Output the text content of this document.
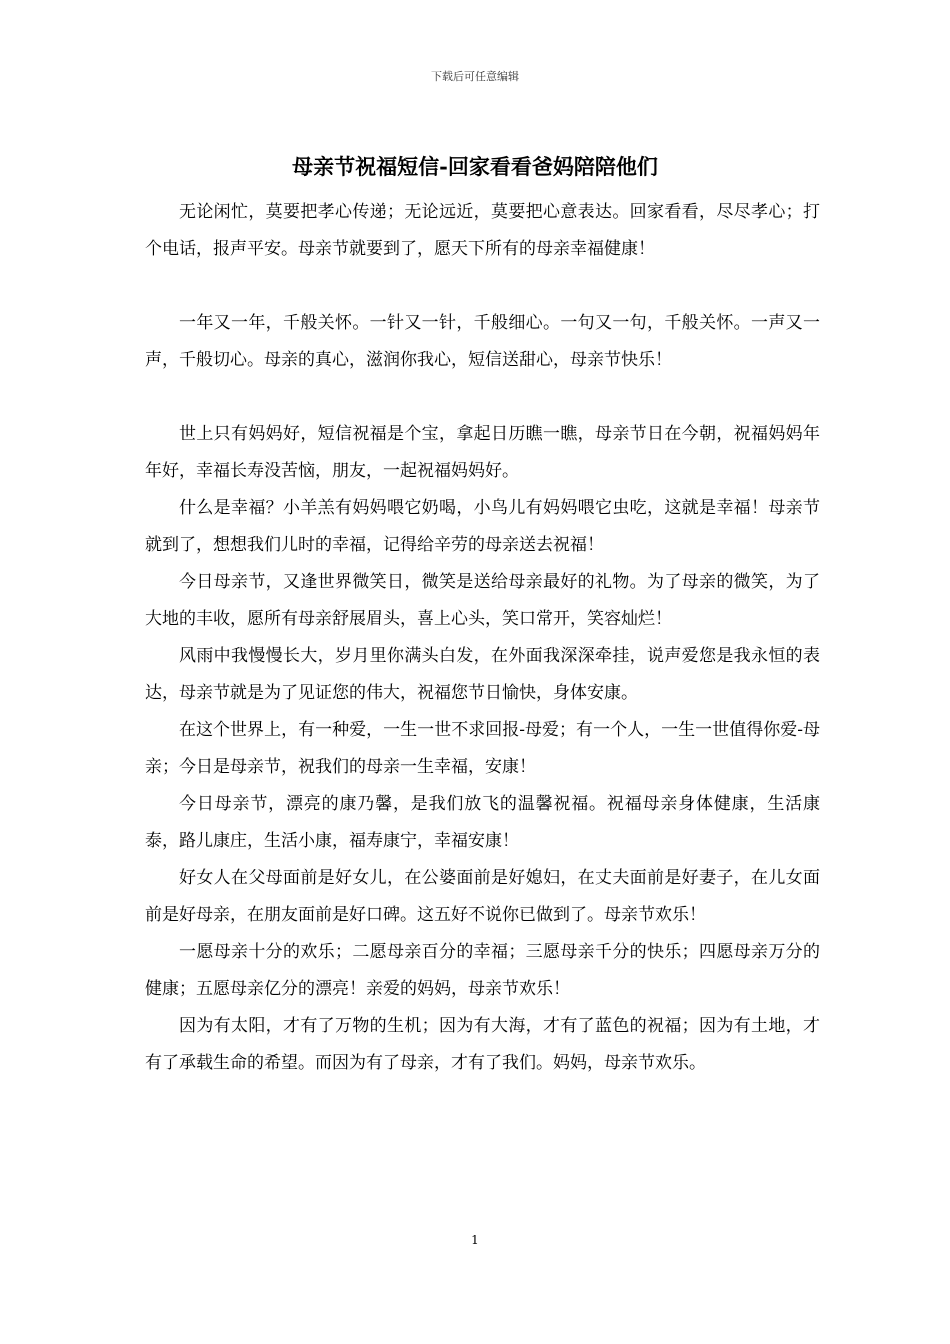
下载后可任意编辑
母亲节祝福短信-回家看看爸妈陪陪他们

无论闲忙，莫要把孝心传递；无论远近，莫要把心意表达。回家看看，尽尽孝心；打个电话，报声平安。母亲节就要到了，愿天下所有的母亲幸福健康！

一年又一年，千般关怀。一针又一针，千般细心。一句又一句，千般关怀。一声又一声，千般切心。母亲的真心，滋润你我心，短信送甜心，母亲节快乐！

世上只有妈妈好，短信祝福是个宝，拿起日历瞧一瞧，母亲节日在今朝，祝福妈妈年年好，幸福长寿没苦恼，朋友，一起祝福妈妈好。

什么是幸福？小羊羔有妈妈喂它奶喝，小鸟儿有妈妈喂它虫吃，这就是幸福！母亲节就到了，想想我们儿时的幸福，记得给辛劳的母亲送去祝福！

今日母亲节，又逢世界微笑日，微笑是送给母亲最好的礼物。为了母亲的微笑，为了大地的丰收，愿所有母亲舒展眉头，喜上心头，笑口常开，笑容灿烂！

风雨中我慢慢长大，岁月里你满头白发，在外面我深深牵挂，说声爱您是我永恒的表达，母亲节就是为了见证您的伟大，祝福您节日愉快，身体安康。

在这个世界上，有一种爱，一生一世不求回报-母爱；有一个人，一生一世值得你爱-母亲；今日是母亲节，祝我们的母亲一生幸福，安康！

今日母亲节，漂亮的康乃馨，是我们放飞的温馨祝福。祝福母亲身体健康，生活康泰，路儿康庄，生活小康，福寿康宁，幸福安康！

好女人在父母面前是好女儿，在公婆面前是好媳妇，在丈夫面前是好妻子，在儿女面前是好母亲，在朋友面前是好口碑。这五好不说你已做到了。母亲节欢乐！

一愿母亲十分的欢乐；二愿母亲百分的幸福；三愿母亲千分的快乐；四愿母亲万分的健康；五愿母亲亿分的漂亮！亲爱的妈妈，母亲节欢乐！

因为有太阳，才有了万物的生机；因为有大海，才有了蓝色的祝福；因为有土地，才有了承载生命的希望。而因为有了母亲，才有了我们。妈妈，母亲节欢乐。

1
